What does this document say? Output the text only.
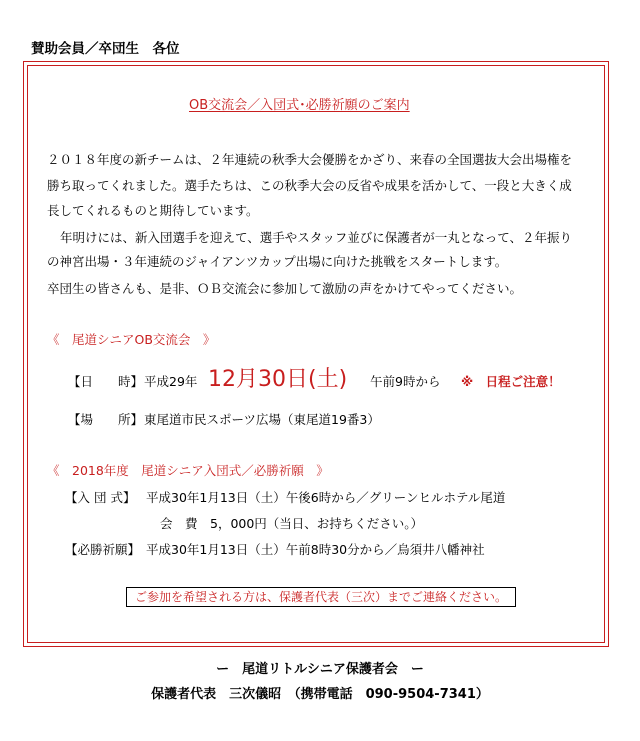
賛助会員／卒団生　各位
OB交流会／入団式･必勝祈願のご案内
２０１８年度の新チームは、２年連続の秋季大会優勝をかざり、来春の全国選抜大会出場権を
勝ち取ってくれました。選手たちは、この秋季大会の反省や成果を活かして、一段と大きく成
長してくれるものと期待しています。
年明けには、新入団選手を迎えて、選手やスタッフ並びに保護者が一丸となって、２年振り
の神宮出場・３年連続のジャイアンツカップ出場に向けた挑戦をスタートします。
卒団生の皆さんも、是非、ＯＢ交流会に参加して激励の声をかけてやってください。
《　尾道シニアOB交流会　》
【日　　時】 平成29年 12月30日(土) 午前9時から ※　日程ご注意！
【場　　所】 東尾道市民スポーツ広場（東尾道19番3）
《　2018年度　尾道シニア入団式／必勝祈願　》
【入 団 式】 平成30年1月13日（土）午後6時から／グリーンヒルホテル尾道
会　費　5，000円（当日、お持ちください。）
【必勝祈願】 平成30年1月13日（土）午前8時30分から／烏須井八幡神社
ご参加を希望される方は、保護者代表（三次）までご連絡ください。
ー　尾道リトルシニア保護者会　ー
保護者代表　三次儀昭　（携帯電話　090-9504-7341）
